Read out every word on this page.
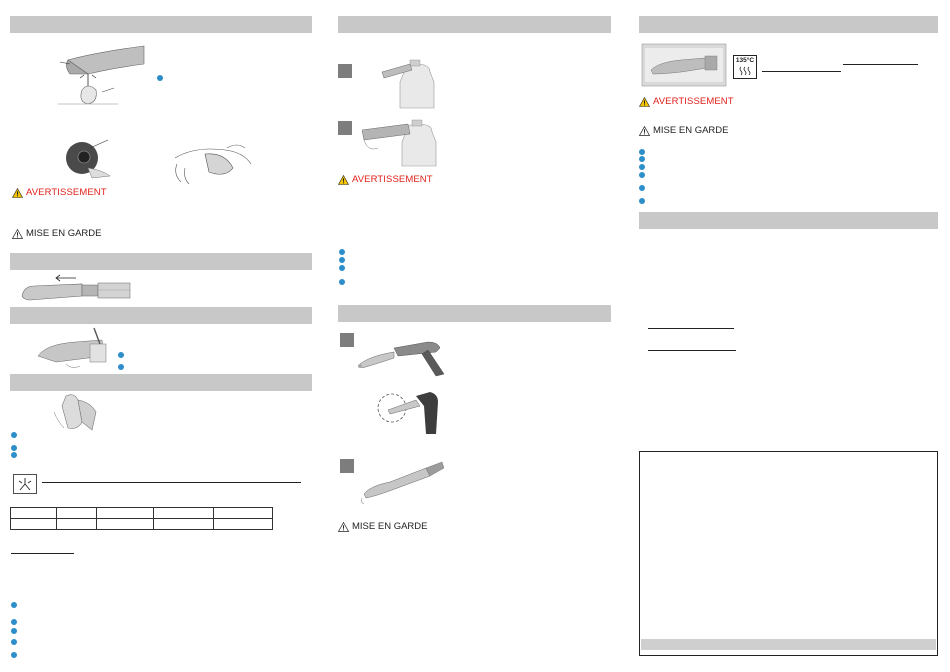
AVERTISSEMENT
MISE EN GARDE

AVERTISSEMENT
MISE EN GARDE
135°C
AVERTISSEMENT
MISE EN GARDE
